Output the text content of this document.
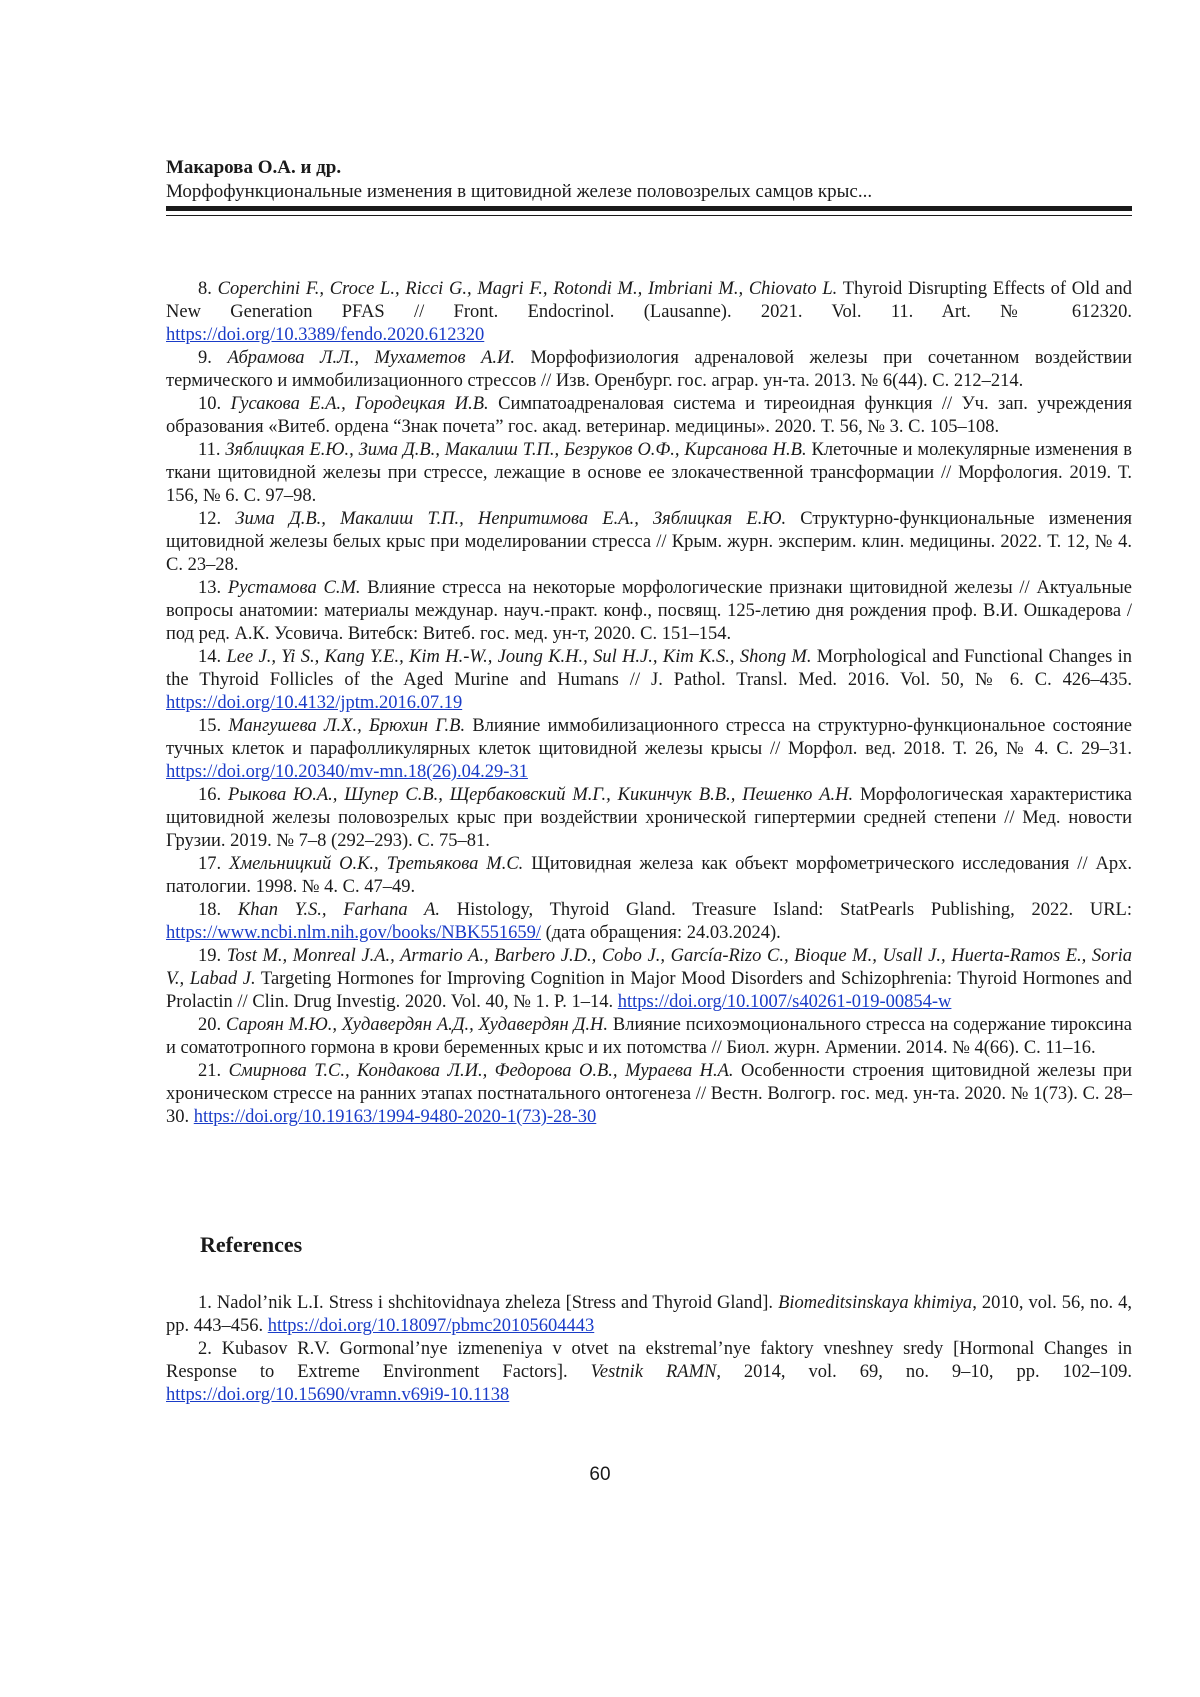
Макарова О.А. и др.
Морфофункциональные изменения в щитовидной железе половозрелых самцов крыс...

8. Coperchini F., Croce L., Ricci G., Magri F., Rotondi M., Imbriani M., Chiovato L. Thyroid Disrupting Effects of Old and New Generation PFAS // Front. Endocrinol. (Lausanne). 2021. Vol. 11. Art. № 612320. https://doi.org/10.3389/fendo.2020.612320

9. Абрамова Л.Л., Мухаметов А.И. Морфофизиология адреналовой железы при сочетанном воздействии термического и иммобилизационного стрессов // Изв. Оренбург. гос. аграр. ун-та. 2013. № 6(44). С. 212–214.

10. Гусакова Е.А., Городецкая И.В. Симпатоадреналовая система и тиреоидная функция // Уч. зап. учреждения образования «Витеб. ордена “Знак почета” гос. акад. ветеринар. медицины». 2020. Т. 56, № 3. С. 105–108.

11. Зяблицкая Е.Ю., Зима Д.В., Макалиш Т.П., Безруков О.Ф., Кирсанова Н.В. Клеточные и молекулярные изменения в ткани щитовидной железы при стрессе, лежащие в основе ее злокачественной трансформации // Морфология. 2019. Т. 156, № 6. С. 97–98.

12. Зима Д.В., Макалиш Т.П., Непритимова Е.А., Зяблицкая Е.Ю. Структурно-функциональные изменения щитовидной железы белых крыс при моделировании стресса // Крым. журн. эксперим. клин. медицины. 2022. Т. 12, № 4. С. 23–28.

13. Рустамова С.М. Влияние стресса на некоторые морфологические признаки щитовидной железы // Актуальные вопросы анатомии: материалы междунар. науч.-практ. конф., посвящ. 125-летию дня рождения проф. В.И. Ошкадерова / под ред. А.К. Усовича. Витебск: Витеб. гос. мед. ун-т, 2020. С. 151–154.

14. Lee J., Yi S., Kang Y.E., Kim H.-W., Joung K.H., Sul H.J., Kim K.S., Shong M. Morphological and Functional Changes in the Thyroid Follicles of the Aged Murine and Humans // J. Pathol. Transl. Med. 2016. Vol. 50, № 6. С. 426–435. https://doi.org/10.4132/jptm.2016.07.19

15. Мангушева Л.Х., Брюхин Г.В. Влияние иммобилизационного стресса на структурно-функциональное состояние тучных клеток и парафолликулярных клеток щитовидной железы крысы // Морфол. вед. 2018. Т. 26, № 4. С. 29–31. https://doi.org/10.20340/mv-mn.18(26).04.29-31

16. Рыкова Ю.А., Шупер С.В., Щербаковский М.Г., Кикинчук В.В., Пешенко А.Н. Морфологическая характеристика щитовидной железы половозрелых крыс при воздействии хронической гипертермии средней степени // Мед. новости Грузии. 2019. № 7–8 (292–293). С. 75–81.

17. Хмельницкий О.К., Третьякова М.С. Щитовидная железа как объект морфометрического исследования // Арх. патологии. 1998. № 4. С. 47–49.

18. Khan Y.S., Farhana A. Histology, Thyroid Gland. Treasure Island: StatPearls Publishing, 2022. URL: https://www.ncbi.nlm.nih.gov/books/NBK551659/ (дата обращения: 24.03.2024).

19. Tost M., Monreal J.A., Armario A., Barbero J.D., Cobo J., García-Rizo C., Bioque M., Usall J., Huerta-Ramos E., Soria V., Labad J. Targeting Hormones for Improving Cognition in Major Mood Disorders and Schizophrenia: Thyroid Hormones and Prolactin // Clin. Drug Investig. 2020. Vol. 40, № 1. P. 1–14. https://doi.org/10.1007/s40261-019-00854-w

20. Сароян М.Ю., Худавердян А.Д., Худавердян Д.Н. Влияние психоэмоционального стресса на содержание тироксина и соматотропного гормона в крови беременных крыс и их потомства // Биол. журн. Армении. 2014. № 4(66). С. 11–16.

21. Смирнова Т.С., Кондакова Л.И., Федорова О.В., Мураева Н.А. Особенности строения щитовидной железы при хроническом стрессе на ранних этапах постнатального онтогенеза // Вестн. Волгогр. гос. мед. ун-та. 2020. № 1(73). С. 28–30. https://doi.org/10.19163/1994-9480-2020-1(73)-28-30

References

1. Nadol’nik L.I. Stress i shchitovidnaya zheleza [Stress and Thyroid Gland]. Biomeditsinskaya khimiya, 2010, vol. 56, no. 4, pp. 443–456. https://doi.org/10.18097/pbmc20105604443

2. Kubasov R.V. Gormonal’nye izmeneniya v otvet na ekstremal’nye faktory vneshney sredy [Hormonal Changes in Response to Extreme Environment Factors]. Vestnik RAMN, 2014, vol. 69, no. 9–10, pp. 102–109. https://doi.org/10.15690/vramn.v69i9-10.1138

60
